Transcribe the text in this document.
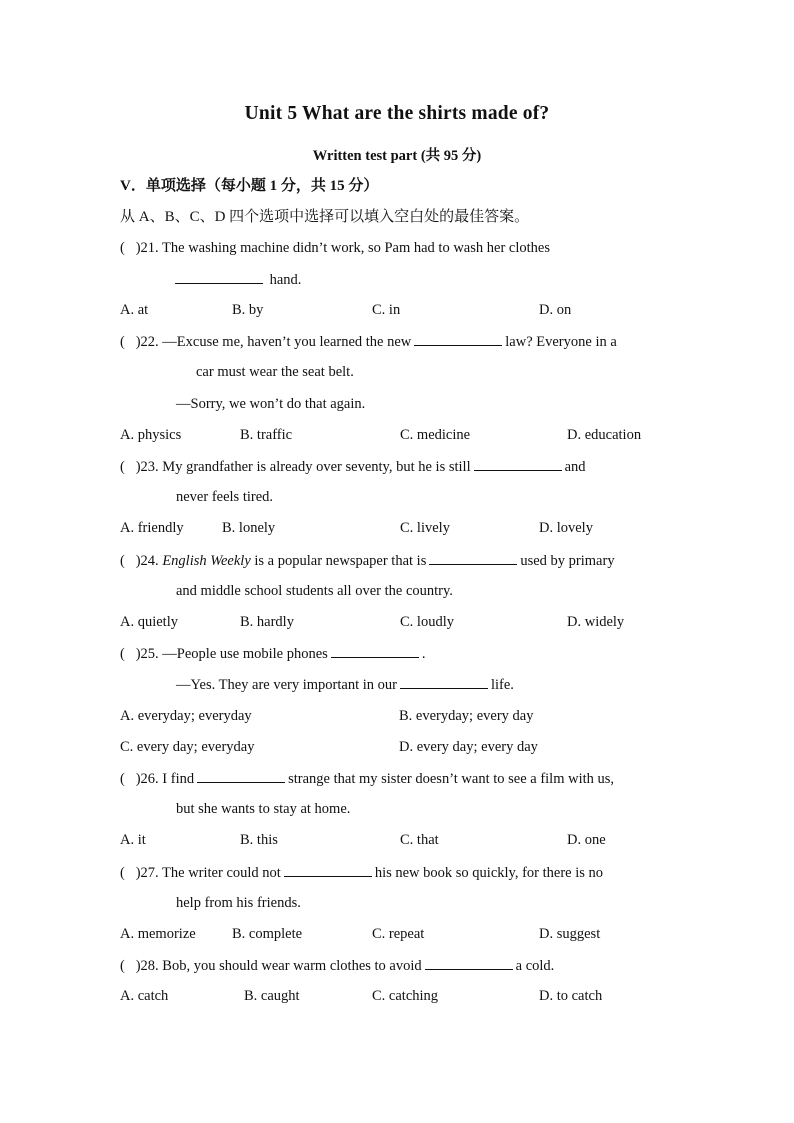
Unit 5 What are the shirts made of?
Written test part (共 95 分)
V．单项选择（每小题 1 分，共 15 分）
从 A、B、C、D 四个选项中选择可以填入空白处的最佳答案。
( )21. The washing machine didn’t work, so Pam had to wash her clothes
hand.
A. at	B. by	C. in	D. on
( )22. —Excuse me, haven’t you learned the new	law? Everyone in a
car must wear the seat belt.
—Sorry, we won’t do that again.
A. physics	B. traffic	C. medicine	D. education
( )23. My grandfather is already over seventy, but he is still	and
never feels tired.
A. friendly	B. lonely	C. lively	D. lovely
( )24. English Weekly is a popular newspaper that is	used by primary
and middle school students all over the country.
A. quietly	B. hardly	C. loudly	D. widely
( )25. —People use mobile phones	.
—Yes. They are very important in our	life.
A. everyday; everyday	B. everyday; every day
C. every day; everyday	D. every day; every day
( )26. I find	strange that my sister doesn’t want to see a film with us,
but she wants to stay at home.
A. it	B. this	C. that	D. one
( )27. The writer could not	his new book so quickly, for there is no
help from his friends.
A. memorize	B. complete	C. repeat	D. suggest
( )28. Bob, you should wear warm clothes to avoid	a cold.
A. catch	B. caught	C. catching	D. to catch
